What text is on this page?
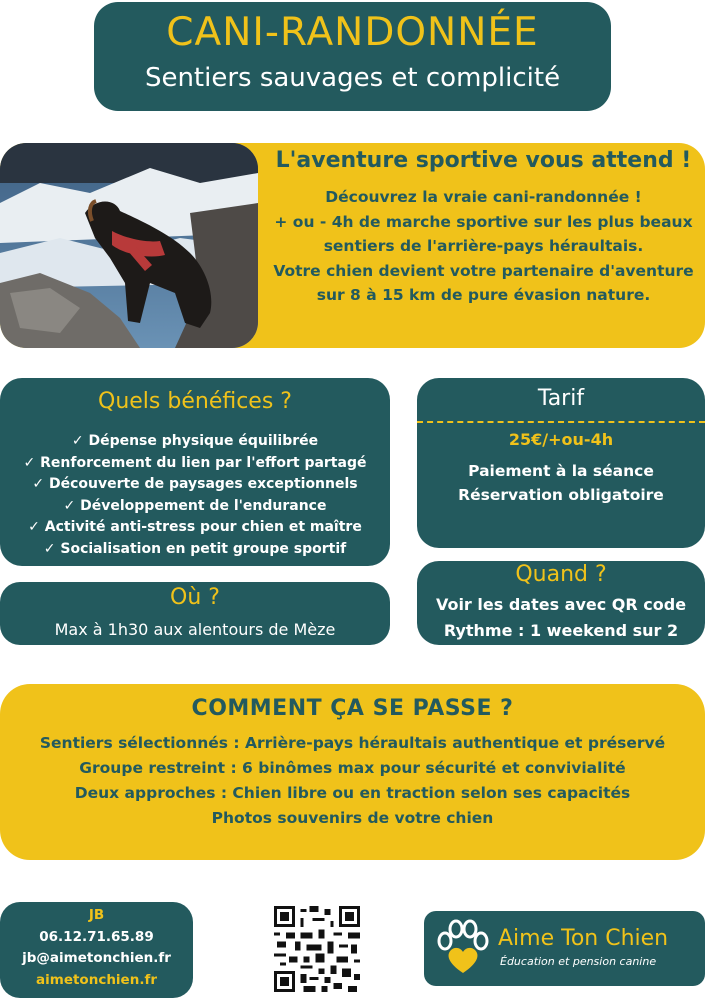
CANI-RANDONNÉE
Sentiers sauvages et complicité
L'aventure sportive vous attend !
Découvrez la vraie cani-randonnée !
+ ou - 4h de marche sportive sur les plus beaux
sentiers de l'arrière-pays héraultais.
Votre chien devient votre partenaire d'aventure
sur 8 à 15 km de pure évasion nature.
Quels bénéfices ?
✓ Dépense physique équilibrée
✓ Renforcement du lien par l'effort partagé
✓ Découverte de paysages exceptionnels
✓ Développement de l'endurance
✓ Activité anti-stress pour chien et maître
✓ Socialisation en petit groupe sportif
Tarif
25€/+ou-4h
Paiement à la séance
Réservation obligatoire
Où ?
Max à 1h30 aux alentours de Mèze
Quand ?
Voir les dates avec QR code
Rythme : 1 weekend sur 2
COMMENT ÇA SE PASSE ?
Sentiers sélectionnés : Arrière-pays héraultais authentique et préservé
Groupe restreint : 6 binômes max pour sécurité et convivialité
Deux approches : Chien libre ou en traction selon ses capacités
Photos souvenirs de votre chien
JB
06.12.71.65.89
jb@aimetonchien.fr
aimetonchien.fr
Aime Ton Chien
Éducation et pension canine
